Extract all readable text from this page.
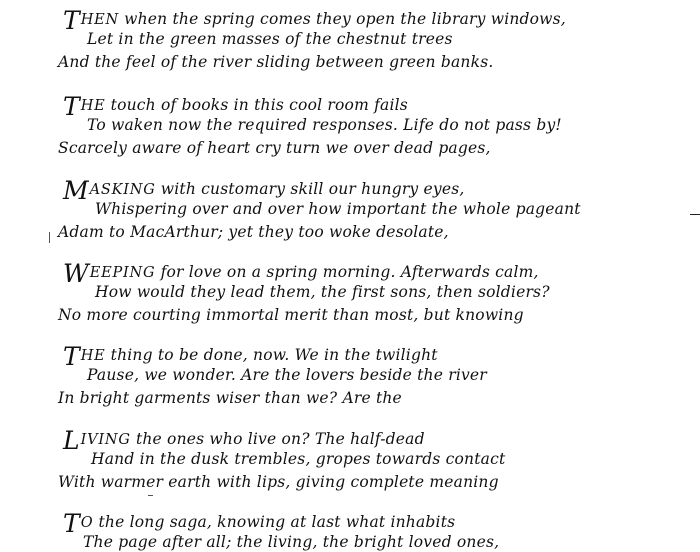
THEN when the spring comes they open the library windows,
Let in the green masses of the chestnut trees
And the feel of the river sliding between green banks.
THE touch of books in this cool room fails
To waken now the required responses. Life do not pass by!
Scarcely aware of heart cry turn we over dead pages,
MASKING with customary skill our hungry eyes,
Whispering over and over how important the whole pageant
Adam to MacArthur; yet they too woke desolate,
WEEPING for love on a spring morning. Afterwards calm,
How would they lead them, the first sons, then soldiers?
No more courting immortal merit than most, but knowing
THE thing to be done, now. We in the twilight
Pause, we wonder. Are the lovers beside the river
In bright garments wiser than we? Are the
LIVING the ones who live on? The half-dead
Hand in the dusk trembles, gropes towards contact
With warmer earth with lips, giving complete meaning
TO the long saga, knowing at last what inhabits
The page after all; the living, the bright loved ones,
